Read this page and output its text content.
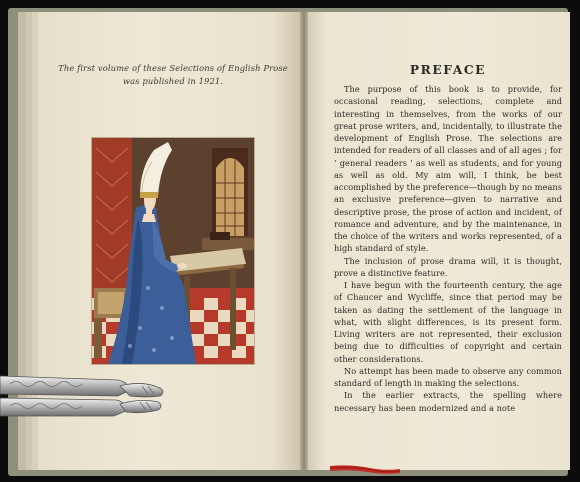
The first volume of these Selections of English Prose was published in 1921.
PREFACE

The purpose of this book is to provide, for occasional reading, selections, complete and interesting in themselves, from the works of our great prose writers, and, incidentally, to illustrate the development of English Prose. The selections are intended for readers of all classes and of all ages ; for ‘ general readers ’ as well as students, and for young as well as old. My aim will, I think, be best accomplished by the preference—though by no means an exclusive preference—given to narrative and descriptive prose, the prose of action and incident, of romance and adventure, and by the maintenance, in the choice of the writers and works represented, of a high standard of style.

The inclusion of prose drama will, it is thought, prove a distinctive feature.

I have begun with the fourteenth century, the age of Chaucer and Wycliffe, since that period may be taken as dating the settlement of the language in what, with slight differences, is its present form. Living writers are not represented, their exclusion being due to difficulties of copyright and certain other considerations.

No attempt has been made to observe any common standard of length in making the selections.

In the earlier extracts, the spelling where necessary has been modernized and a note
